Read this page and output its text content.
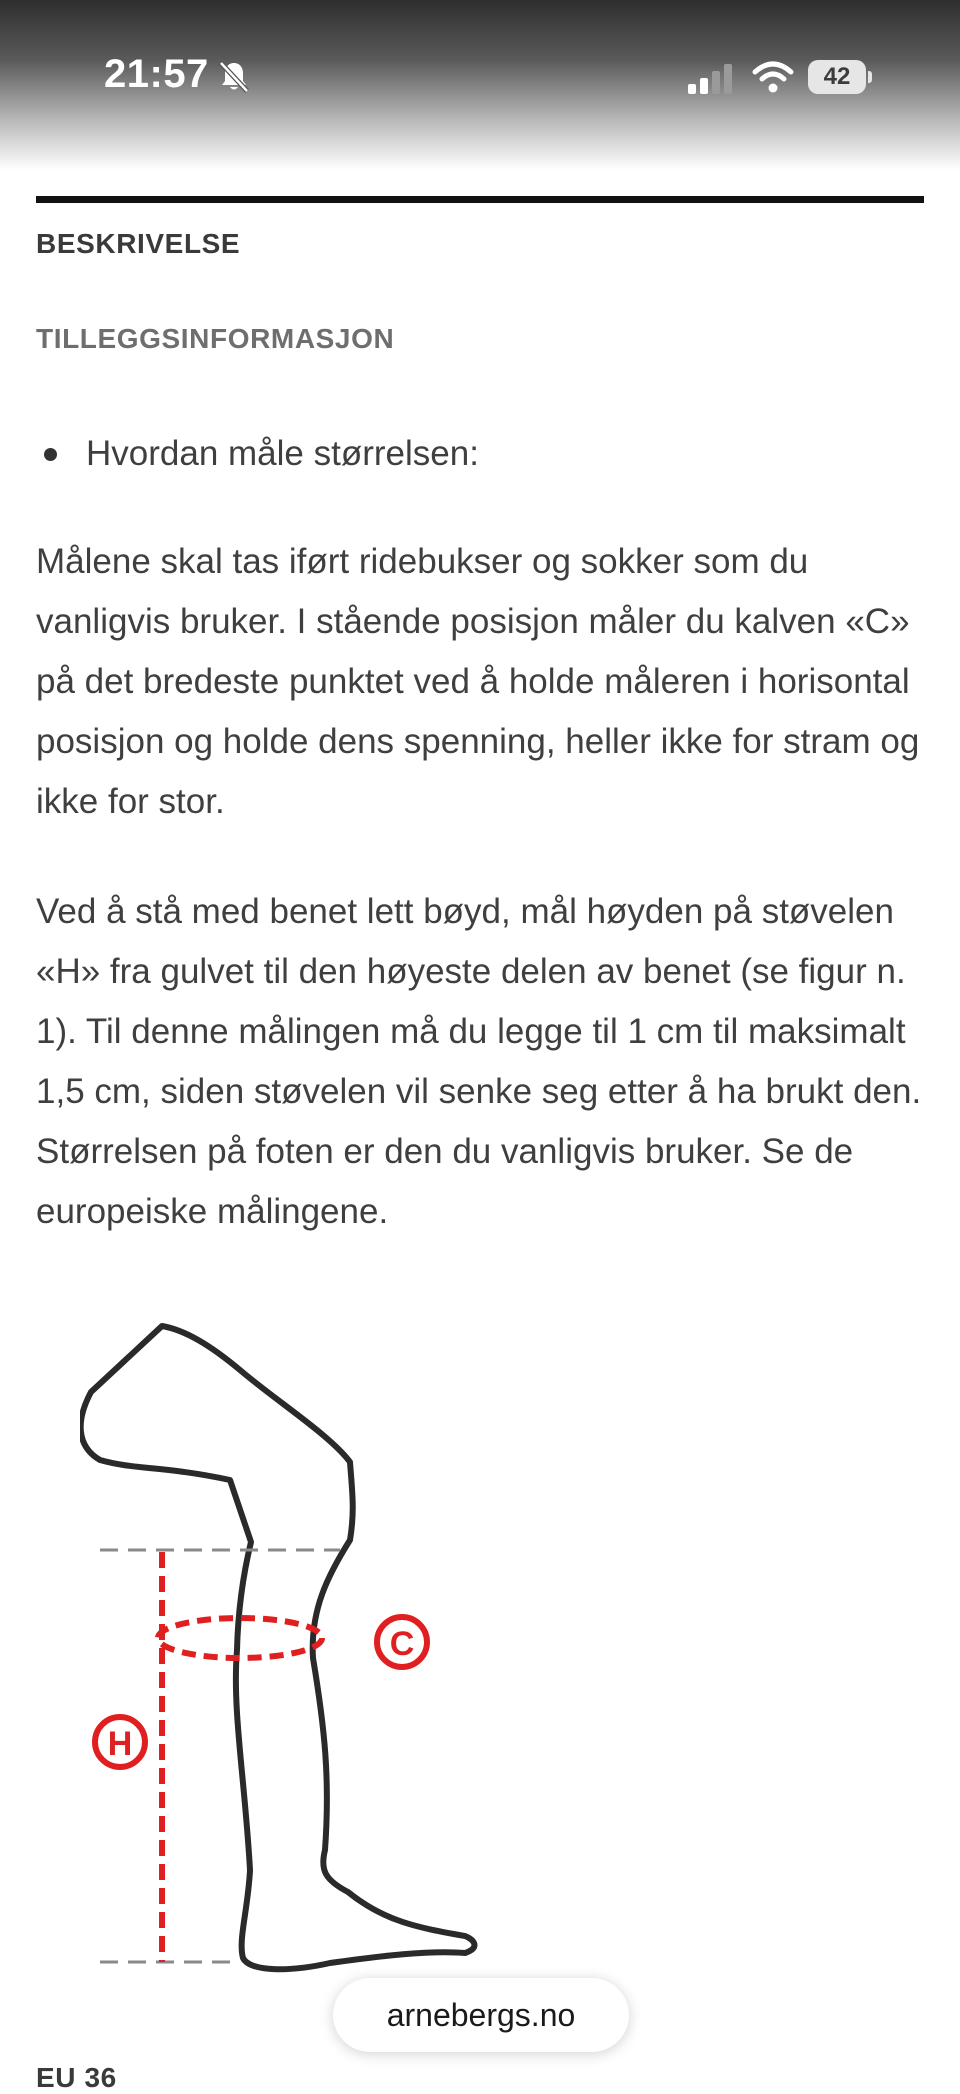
21:57	42
BESKRIVELSE
TILLEGGSINFORMASJON
Hvordan måle størrelsen:

Målene skal tas iført ridebukser og sokker som du vanligvis bruker. I stående posisjon måler du kalven «C» på det bredeste punktet ved å holde måleren i horisontal posisjon og holde dens spenning, heller ikke for stram og ikke for stor.

Ved å stå med benet lett bøyd, mål høyden på støvelen «H» fra gulvet til den høyeste delen av benet (se figur n. 1). Til denne målingen må du legge til 1 cm til maksimalt 1,5 cm, siden støvelen vil senke seg etter å ha brukt den. Størrelsen på foten er den du vanligvis bruker. Se de europeiske målingene.

H
C
arnebergs.no
EU 36
